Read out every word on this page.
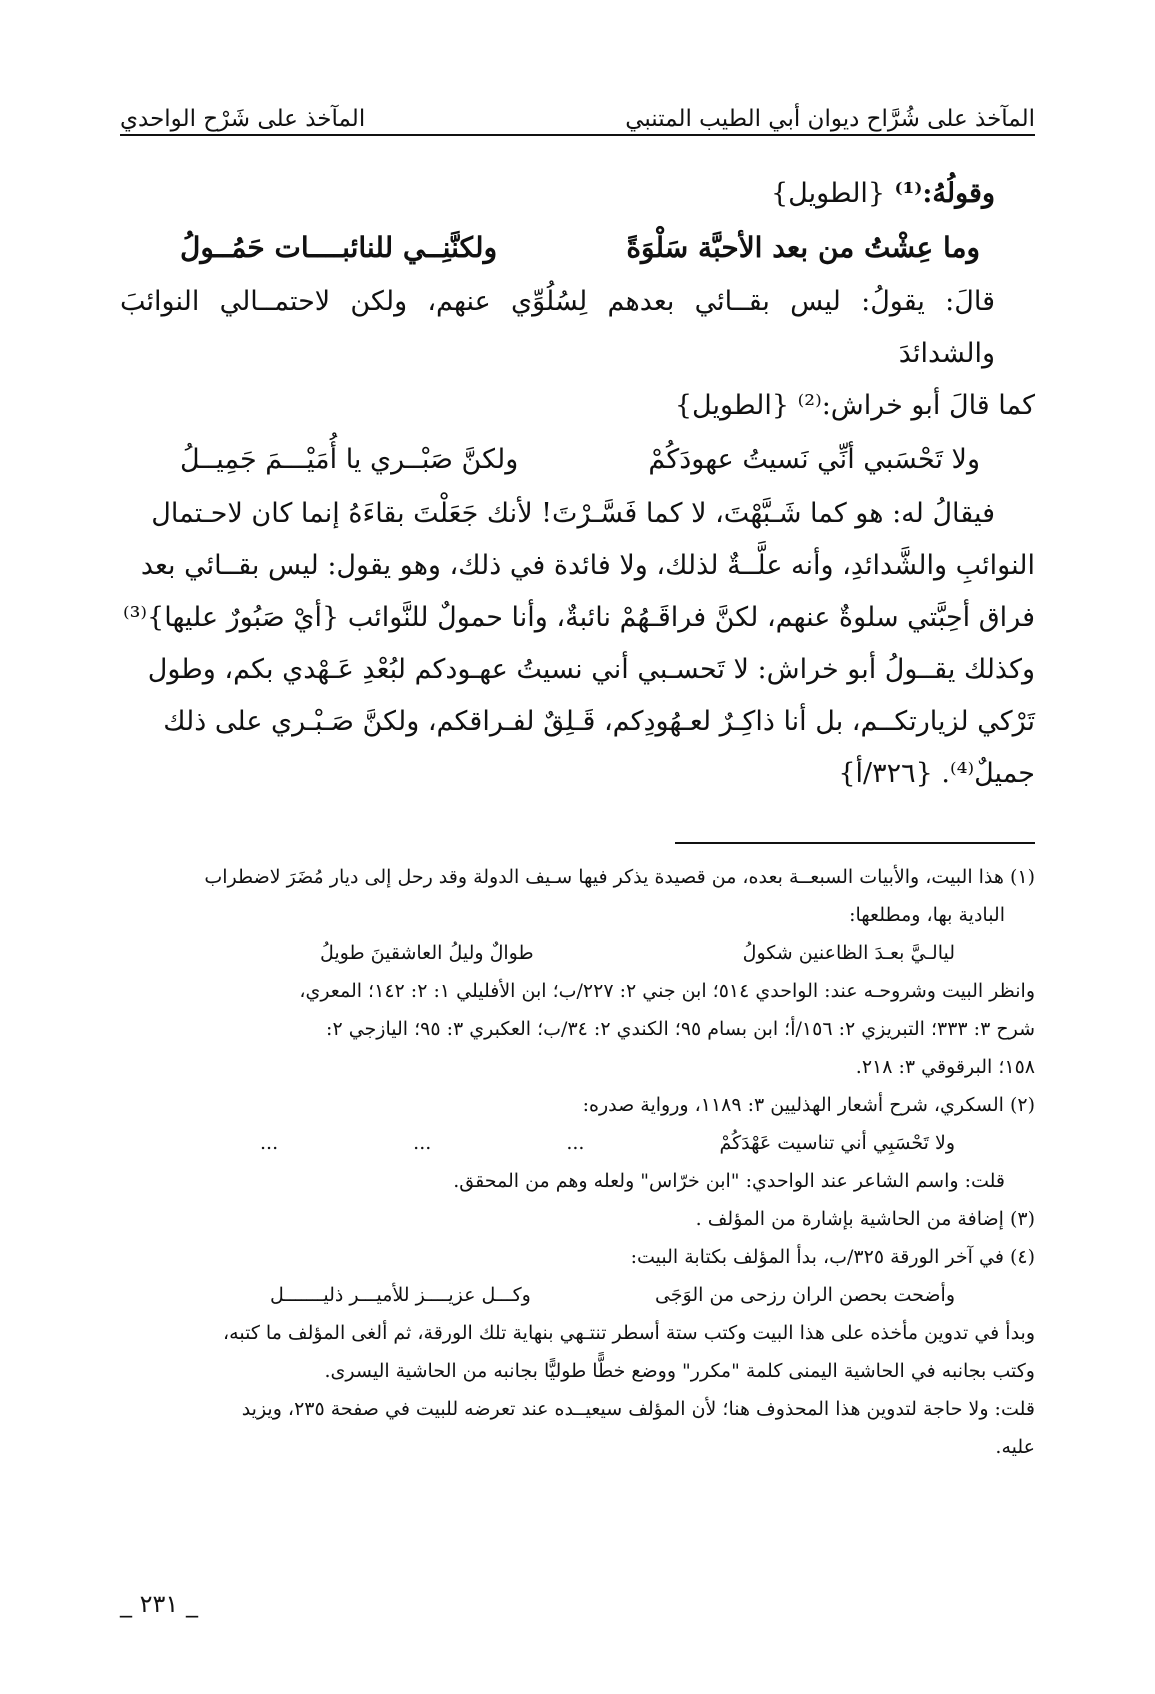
المآخذ على شُرَّاح ديوان أبي الطيب المتنبي
المآخذ على شَرْح الواحدي
وقولُهُ:⁽¹⁾ {الطويل}
وما عِشْتُ من بعد الأحبَّة سَلْوَةً
ولكنَّنِــي للنائبــــات حَمُــولُ
قالَ: يقولُ: ليس بقــائي بعدهم لِسُلُوِّي عنهم، ولكن لاحتمــالي النوائبَ والشدائدَ
كما قالَ أبو خراش:⁽²⁾ {الطويل}
ولا تَحْسَبي أنِّي نَسيتُ عهودَكُمْ
ولكنَّ صَبْــري يا أُمَيْـــمَ جَمِيــلُ
فيقالُ له: هو كما شَـبَّهْتَ، لا كما فَسَّـرْتَ! لأنك جَعَلْتَ بقاءَهُ إنما كان لاحـتمال
النوائبِ والشَّدائدِ، وأنه علَّــةٌ لذلك، ولا فائدة في ذلك، وهو يقول: ليس بقــائي بعد
فراق أحِبَّتي سلوةٌ عنهم، لكنَّ فراقَـهُمْ نائبةٌ، وأنا حمولٌ للنَّوائب {أيْ صَبُورٌ عليها}⁽³⁾
وكذلك يقــولُ أبو خراش: لا تَحسـبي أني نسيتُ عهـودكم لبُعْدِ عَـهْدي بكم، وطول
تَرْكي لزيارتكــم، بل أنا ذاكِـرٌ لعـهُودِكم، قَـلِقٌ لفـراقكم، ولكنَّ صَـبْـري على ذلك
جميلٌ⁽⁴⁾. {٣٢٦/أ}
(١) هذا البيت، والأبيات السبعــة بعده، من قصيدة يذكر فيها سـيف الدولة وقد رحل إلى ديار مُضَرَ لاضطراب
البادية بها، ومطلعها:
ليالـيَّ بعـدَ الظاعنين شكولُ
طوالٌ وليلُ العاشقينَ طويلُ
وانظر البيت وشروحـه عند: الواحدي ٥١٤؛ ابن جني ٢: ٢٢٧/ب؛ ابن الأفليلي ١: ٢: ١٤٢؛ المعري،
شرح ٣: ٣٣٣؛ التبريزي ٢: ١٥٦/أ؛ ابن بسام ٩٥؛ الكندي ٢: ٣٤/ب؛ العكبري ٣: ٩٥؛ اليازجي ٢:
١٥٨؛ البرقوقي ٣: ٢١٨.
(٢) السكري، شرح أشعار الهذليين ٣: ١١٨٩، ورواية صدره:
ولا تَحْسَبِي أني تناسيت عَهْدَكُمْ
...
...
...
قلت: واسم الشاعر عند الواحدي: "ابن خرّاس" ولعله وهم من المحقق.
(٣) إضافة من الحاشية بإشارة من المؤلف .
(٤) في آخر الورقة ٣٢٥/ب، بدأ المؤلف بكتابة البيت:
وأضحت بحصن الران رزحى من الوَجَى
وكـــل عزيــــز للأميـــر ذليـــــــل
وبدأ في تدوين مأخذه على هذا البيت وكتب ستة أسطر تنتـهي بنهاية تلك الورقة، ثم ألغى المؤلف ما كتبه،
وكتب بجانبه في الحاشية اليمنى كلمة "مكرر" ووضع خطًّا طوليًّا بجانبه من الحاشية اليسرى.
قلت: ولا حاجة لتدوين هذا المحذوف هنا؛ لأن المؤلف سيعيــده عند تعرضه للبيت في صفحة ٢٣٥، ويزيد
عليه.
_ ٢٣١ _
